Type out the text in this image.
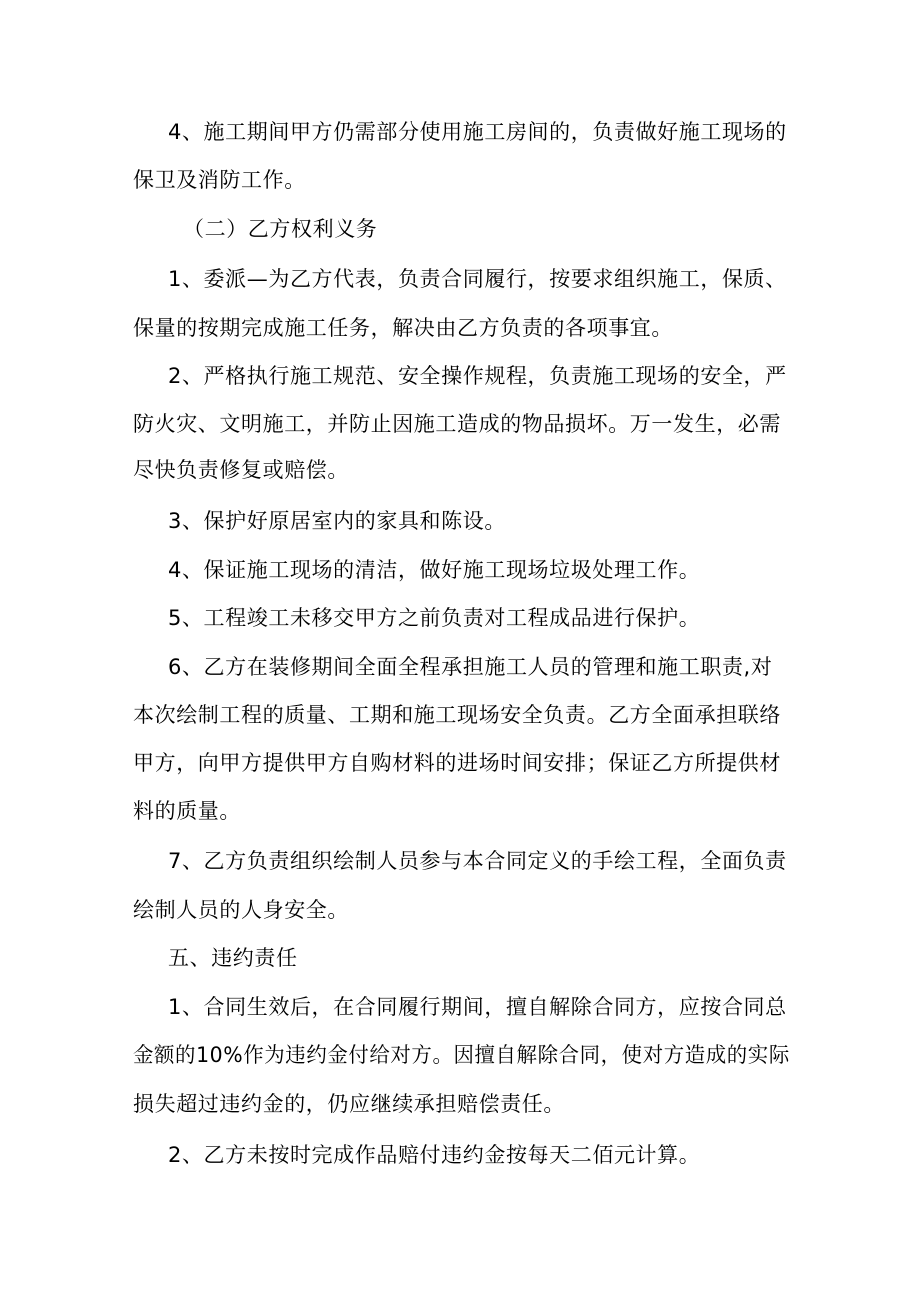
4、施工期间甲方仍需部分使用施工房间的，负责做好施工现场的
保卫及消防工作。
（二）乙方权利义务
1、委派—为乙方代表，负责合同履行，按要求组织施工，保质、
保量的按期完成施工任务，解决由乙方负责的各项事宜。
2、严格执行施工规范、安全操作规程，负责施工现场的安全，严
防火灾、文明施工，并防止因施工造成的物品损坏。万一发生，必需
尽快负责修复或赔偿。
3、保护好原居室内的家具和陈设。
4、保证施工现场的清洁，做好施工现场垃圾处理工作。
5、工程竣工未移交甲方之前负责对工程成品进行保护。
6、乙方在装修期间全面全程承担施工人员的管理和施工职责,对
本次绘制工程的质量、工期和施工现场安全负责。乙方全面承担联络
甲方，向甲方提供甲方自购材料的进场时间安排；保证乙方所提供材
料的质量。
7、乙方负责组织绘制人员参与本合同定义的手绘工程，全面负责
绘制人员的人身安全。
五、违约责任
1、合同生效后，在合同履行期间，擅自解除合同方，应按合同总
金额的10%作为违约金付给对方。因擅自解除合同，使对方造成的实际
损失超过违约金的，仍应继续承担赔偿责任。
2、乙方未按时完成作品赔付违约金按每天二佰元计算。
